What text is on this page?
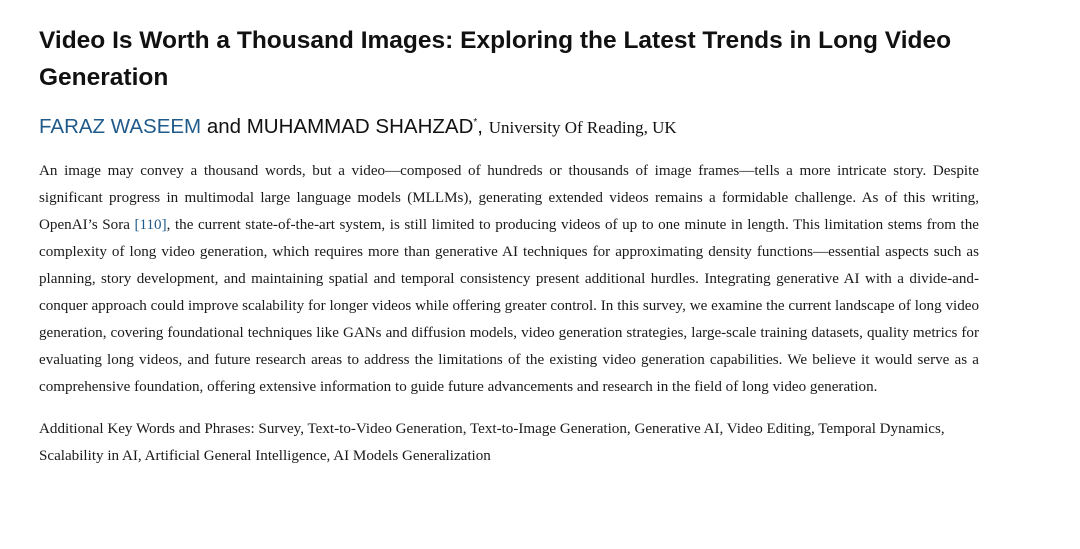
Video Is Worth a Thousand Images: Exploring the Latest Trends in Long Video Generation
FARAZ WASEEM and MUHAMMAD SHAHZAD*, University Of Reading, UK

An image may convey a thousand words, but a video—composed of hundreds or thousands of image frames—tells a more intricate story. Despite significant progress in multimodal large language models (MLLMs), generating extended videos remains a formidable challenge. As of this writing, OpenAI’s Sora [110], the current state-of-the-art system, is still limited to producing videos of up to one minute in length. This limitation stems from the complexity of long video generation, which requires more than generative AI techniques for approximating density functions—essential aspects such as planning, story development, and maintaining spatial and temporal consistency present additional hurdles. Integrating generative AI with a divide-and-conquer approach could improve scalability for longer videos while offering greater control. In this survey, we examine the current landscape of long video generation, covering foundational techniques like GANs and diffusion models, video generation strategies, large-scale training datasets, quality metrics for evaluating long videos, and future research areas to address the limitations of the existing video generation capabilities. We believe it would serve as a comprehensive foundation, offering extensive information to guide future advancements and research in the field of long video generation.

Additional Key Words and Phrases: Survey, Text-to-Video Generation, Text-to-Image Generation, Generative AI, Video Editing, Temporal Dynamics, Scalability in AI, Artificial General Intelligence, AI Models Generalization
